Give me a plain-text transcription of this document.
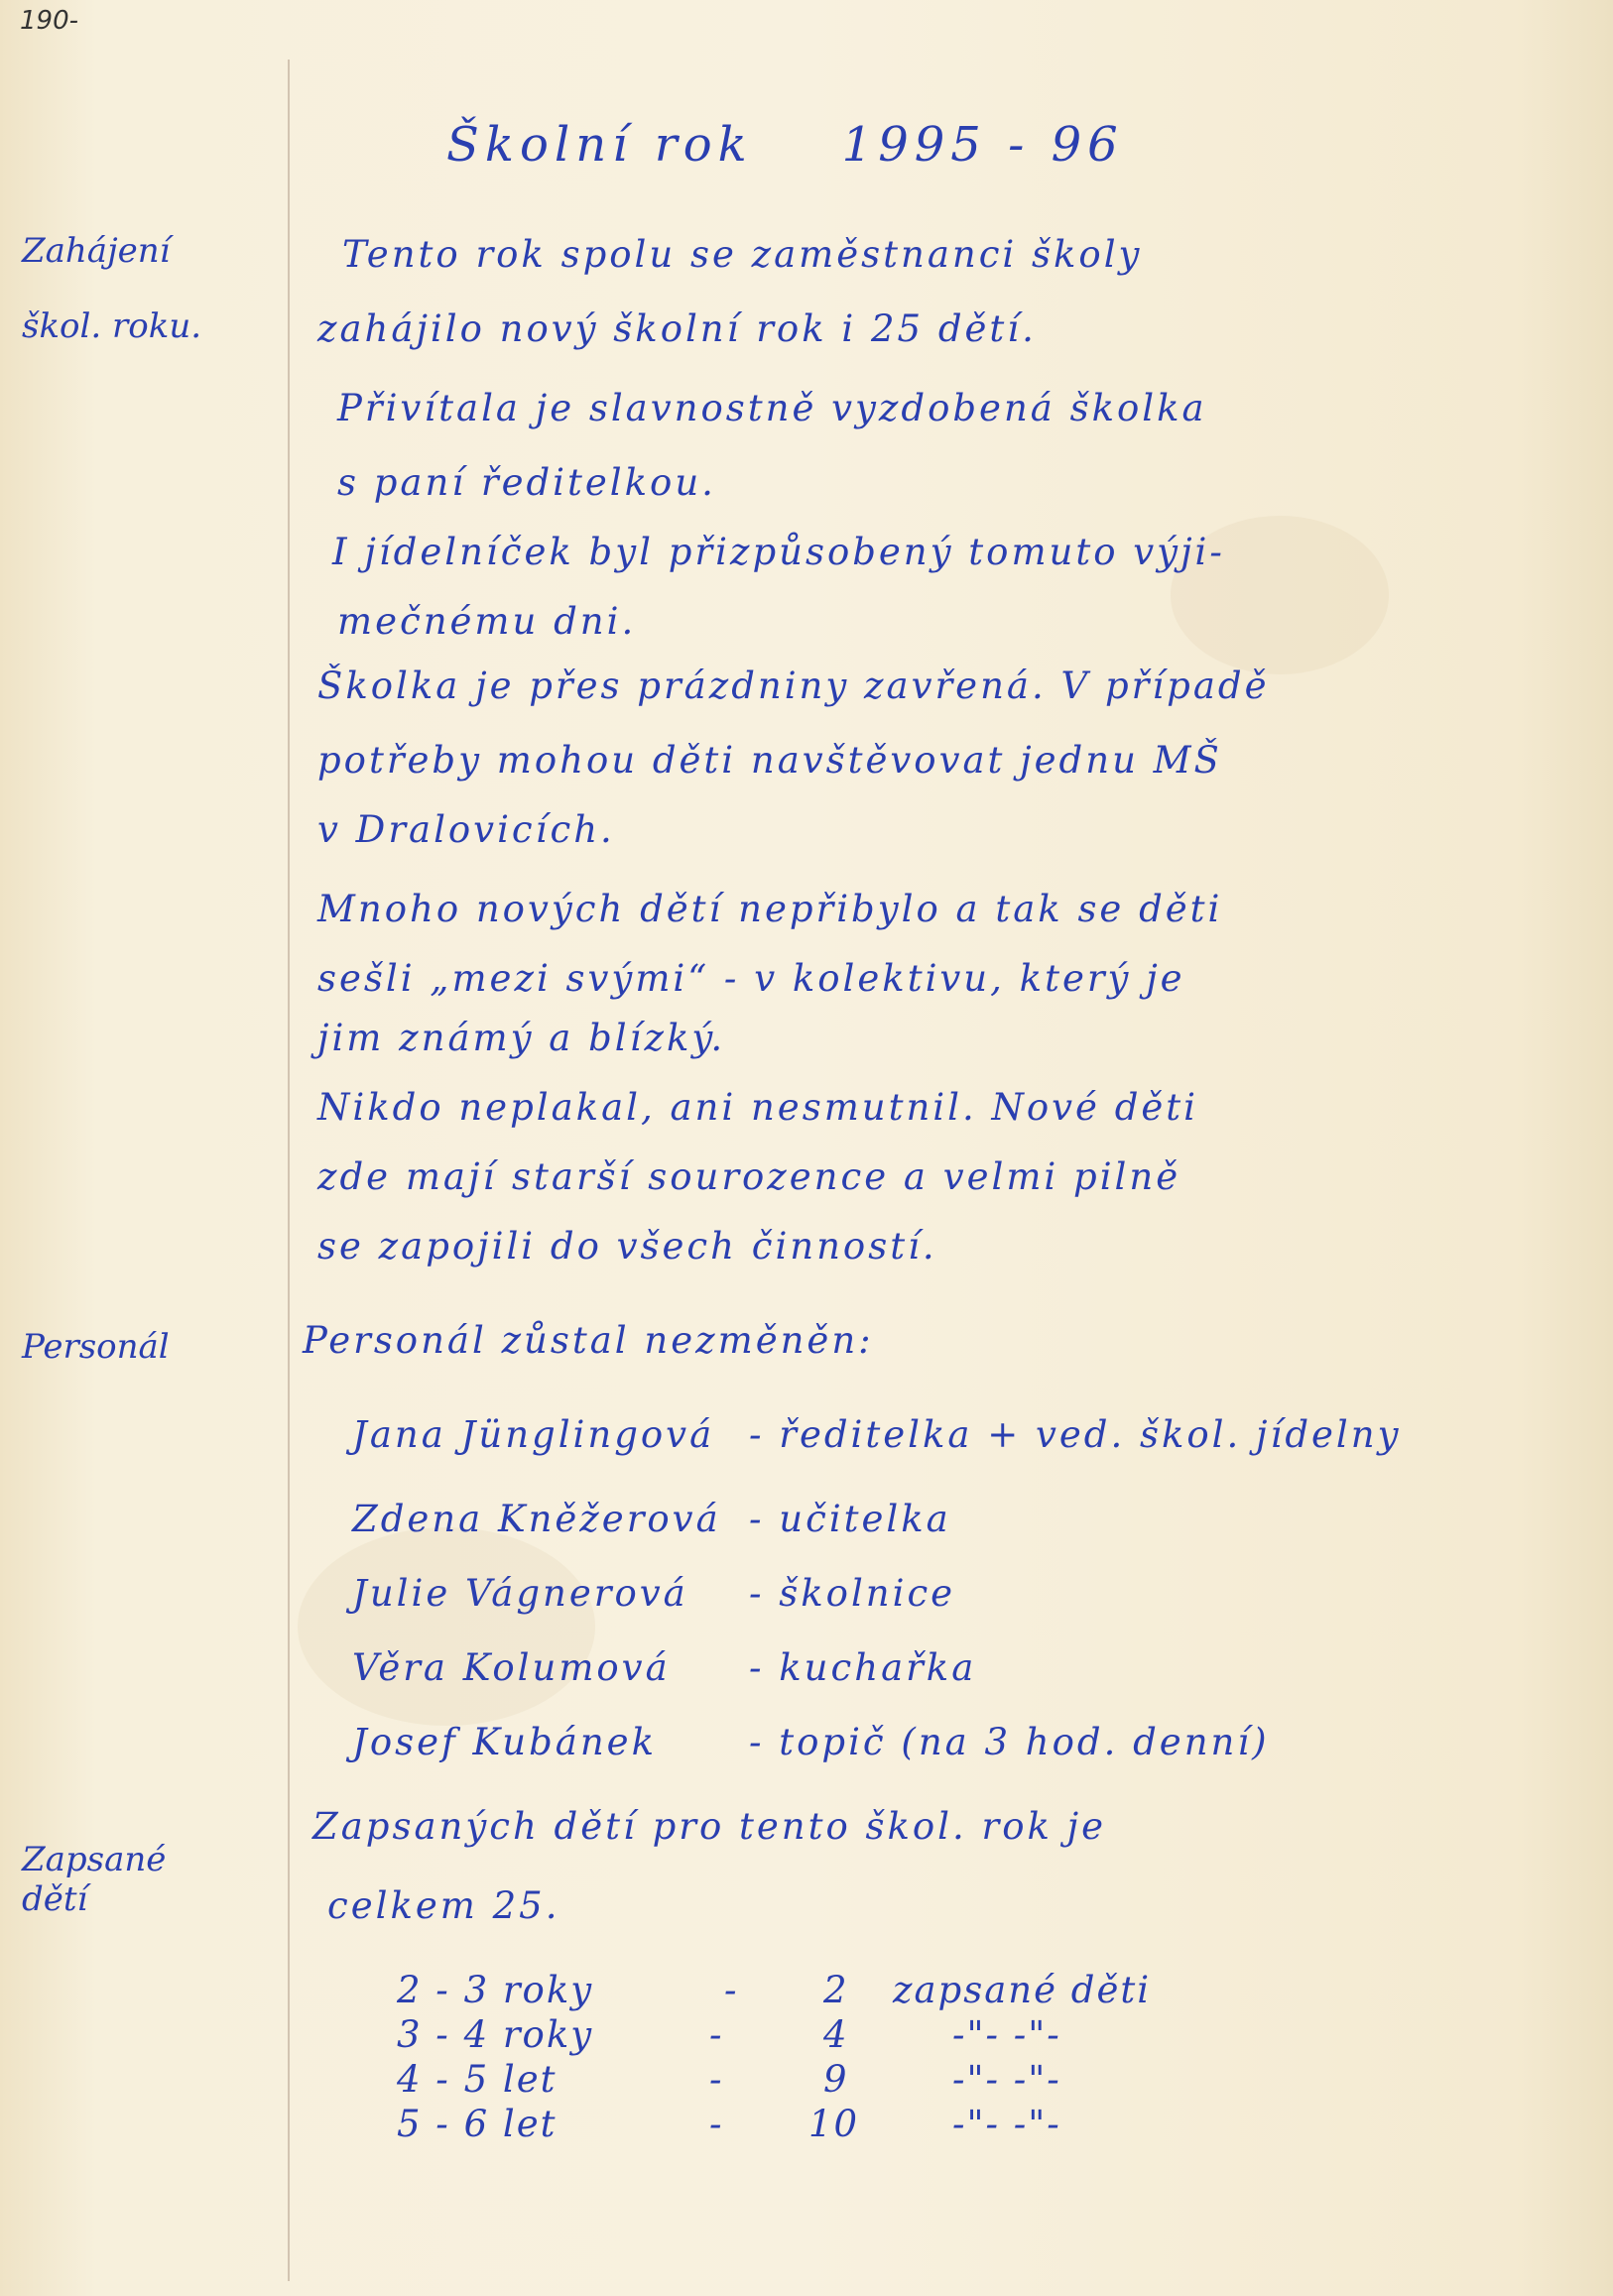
190-
Školní rok 1995 - 96
Zahájení
škol. roku.
Personál
Zapsané
dětí
Tento rok spolu se zaměstnanci školy
zahájilo nový školní rok i 25 dětí.
Přivítala je slavnostně vyzdobená školka
s paní ředitelkou.
I jídelníček byl přizpůsobený tomuto výji-
mečnému dni.
Školka je přes prázdniny zavřená. V případě
potřeby mohou děti navštěvovat jednu MŠ
v Dralovicích.
Mnoho nových dětí nepřibylo a tak se děti
sešli „mezi svými“ - v kolektivu, který je
jim známý a blízký.
Nikdo neplakal, ani nesmutnil. Nové děti
zde mají starší sourozence a velmi pilně
se zapojili do všech činností.
Personál zůstal nezměněn:
Jana Jünglingová - ředitelka + ved. škol. jídelny
Zdena Kněžerová - učitelka
Julie Vágnerová - školnice
Věra Kolumová - kuchařka
Josef Kubánek	- topič (na 3 hod. denní)
Zapsaných dětí pro tento škol. rok je
celkem 25.
2 - 3 roky	- 2 zapsané děti
3 - 4 roky	-	4	-"- -"-
4 - 5 let	-	9	-"- -"-
5 - 6 let	- 10	-"- -"-
